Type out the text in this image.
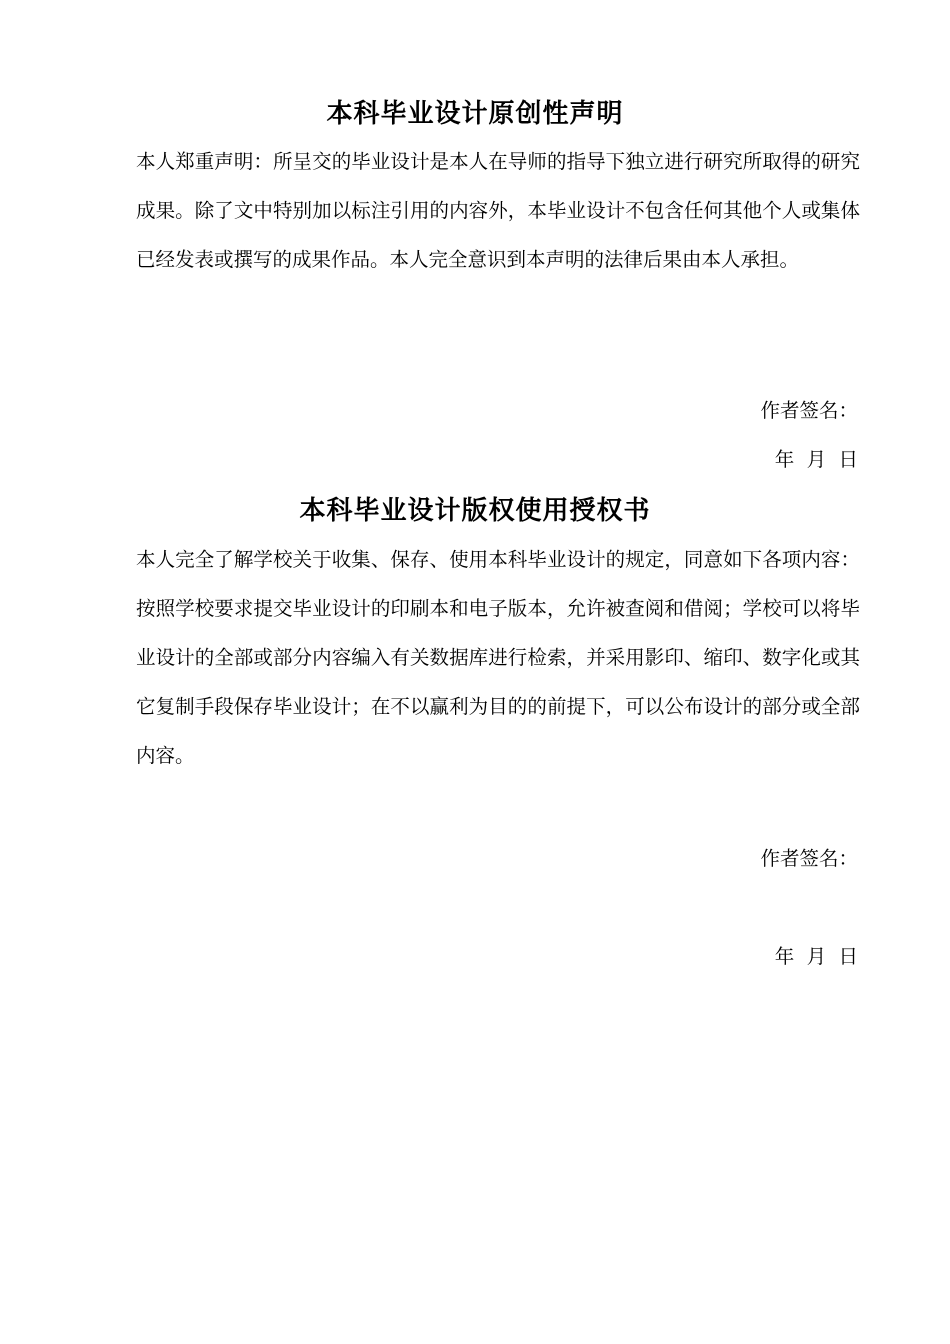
本科毕业设计原创性声明

本人郑重声明：所呈交的毕业设计是本人在导师的指导下独立进行研究所取得的研究成果。除了文中特别加以标注引用的内容外，本毕业设计不包含任何其他个人或集体已经发表或撰写的成果作品。本人完全意识到本声明的法律后果由本人承担。

作者签名：

年  月  日

本科毕业设计版权使用授权书

本人完全了解学校关于收集、保存、使用本科毕业设计的规定，同意如下各项内容：按照学校要求提交毕业设计的印刷本和电子版本，允许被查阅和借阅；学校可以将毕业设计的全部或部分内容编入有关数据库进行检索，并采用影印、缩印、数字化或其它复制手段保存毕业设计；在不以赢利为目的的前提下，可以公布设计的部分或全部内容。

作者签名：

年  月  日
